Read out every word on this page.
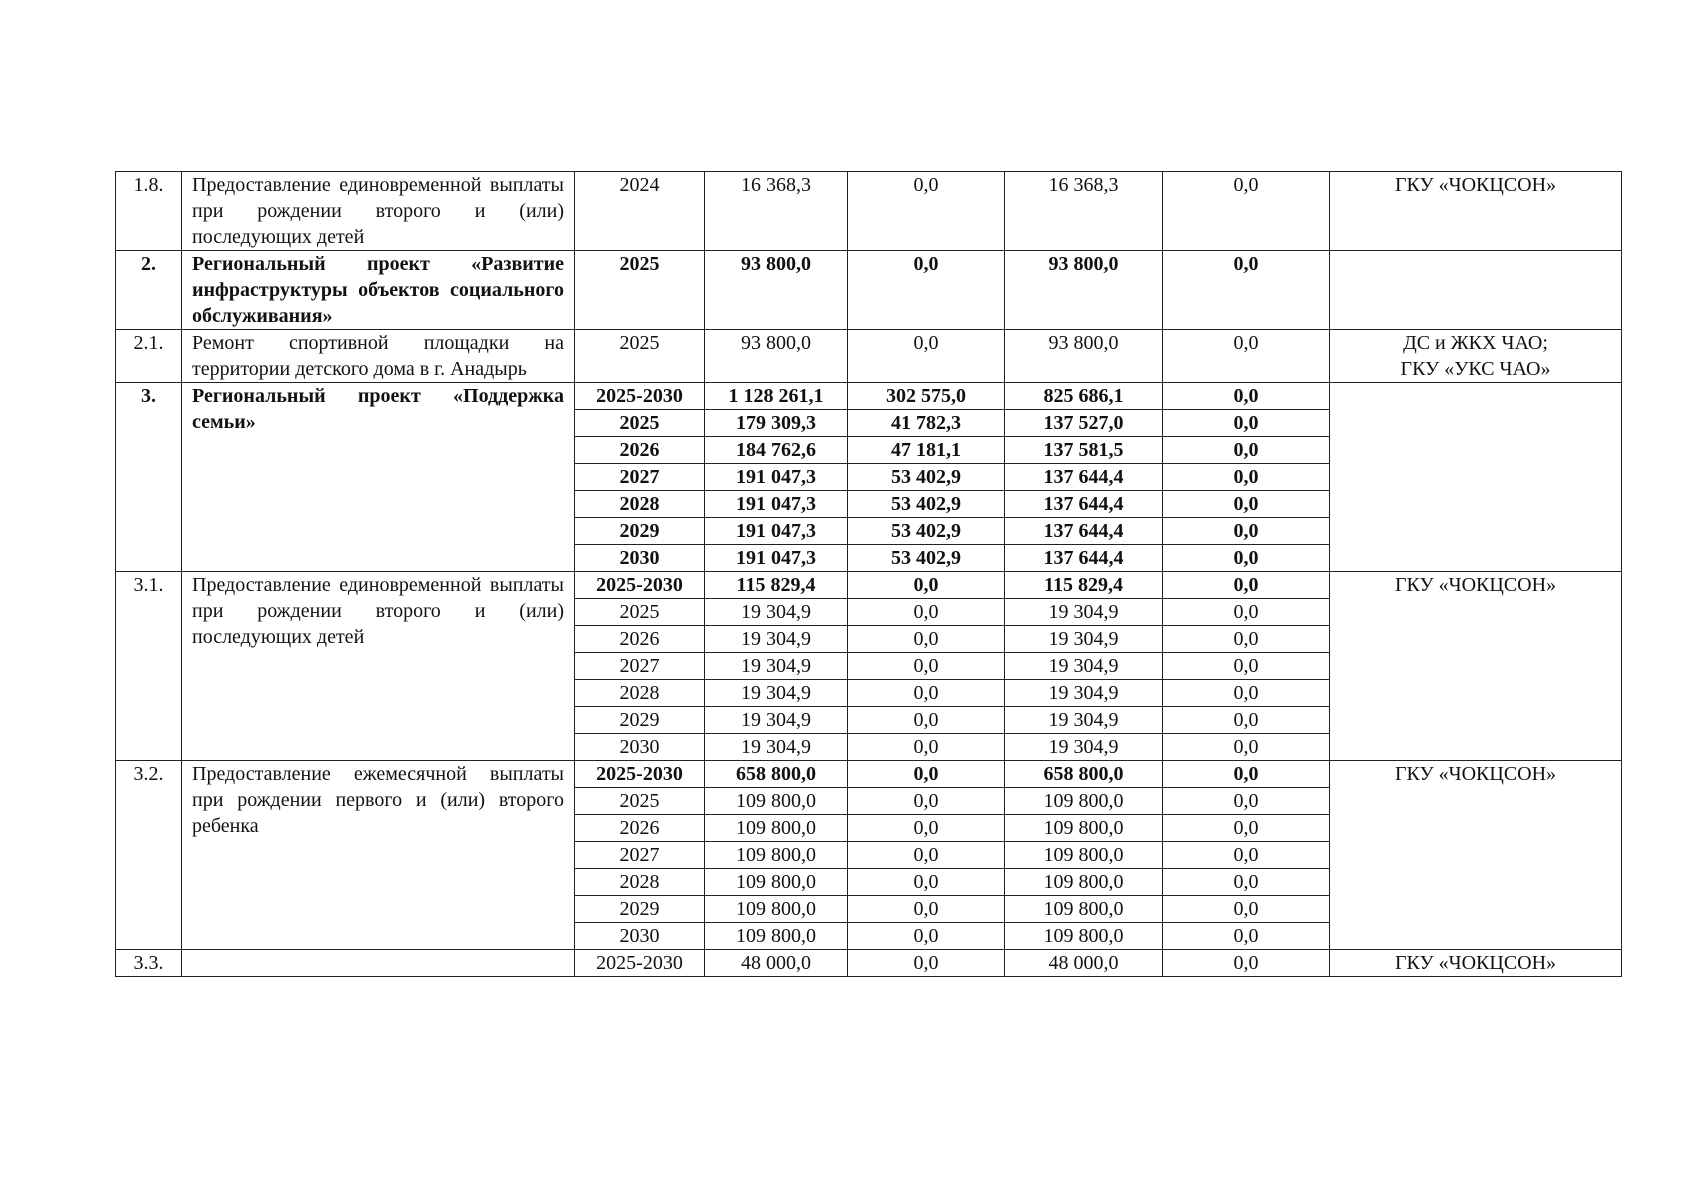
1.8.	Предоставление единовременной выплаты при рождении второго и (или) последующих детей	2024	16 368,3	0,0	16 368,3	0,0	ГКУ «ЧОКЦСОН»
2.	Региональный проект «Развитие инфраструктуры объектов социального обслуживания»	2025	93 800,0	0,0	93 800,0	0,0	
2.1.	Ремонт спортивной площадки на территории детского дома в г. Анадырь	2025	93 800,0	0,0	93 800,0	0,0	ДС и ЖКХ ЧАО;
ГКУ «УКС ЧАО»
3.	Региональный проект «Поддержка семьи»	2025-2030	1 128 261,1	302 575,0	825 686,1	0,0	
		2025	179 309,3	41 782,3	137 527,0	0,0	
		2026	184 762,6	47 181,1	137 581,5	0,0	
		2027	191 047,3	53 402,9	137 644,4	0,0	
		2028	191 047,3	53 402,9	137 644,4	0,0	
		2029	191 047,3	53 402,9	137 644,4	0,0	
		2030	191 047,3	53 402,9	137 644,4	0,0	
3.1.	Предоставление единовременной выплаты при рождении второго и (или) последующих детей	2025-2030	115 829,4	0,0	115 829,4	0,0	ГКУ «ЧОКЦСОН»
		2025	19 304,9	0,0	19 304,9	0,0	
		2026	19 304,9	0,0	19 304,9	0,0	
		2027	19 304,9	0,0	19 304,9	0,0	
		2028	19 304,9	0,0	19 304,9	0,0	
		2029	19 304,9	0,0	19 304,9	0,0	
		2030	19 304,9	0,0	19 304,9	0,0	
3.2.	Предоставление ежемесячной выплаты при рождении первого и (или) второго ребенка	2025-2030	658 800,0	0,0	658 800,0	0,0	ГКУ «ЧОКЦСОН»
		2025	109 800,0	0,0	109 800,0	0,0	
		2026	109 800,0	0,0	109 800,0	0,0	
		2027	109 800,0	0,0	109 800,0	0,0	
		2028	109 800,0	0,0	109 800,0	0,0	
		2029	109 800,0	0,0	109 800,0	0,0	
		2030	109 800,0	0,0	109 800,0	0,0	
3.3.		2025-2030	48 000,0	0,0	48 000,0	0,0	ГКУ «ЧОКЦСОН»
